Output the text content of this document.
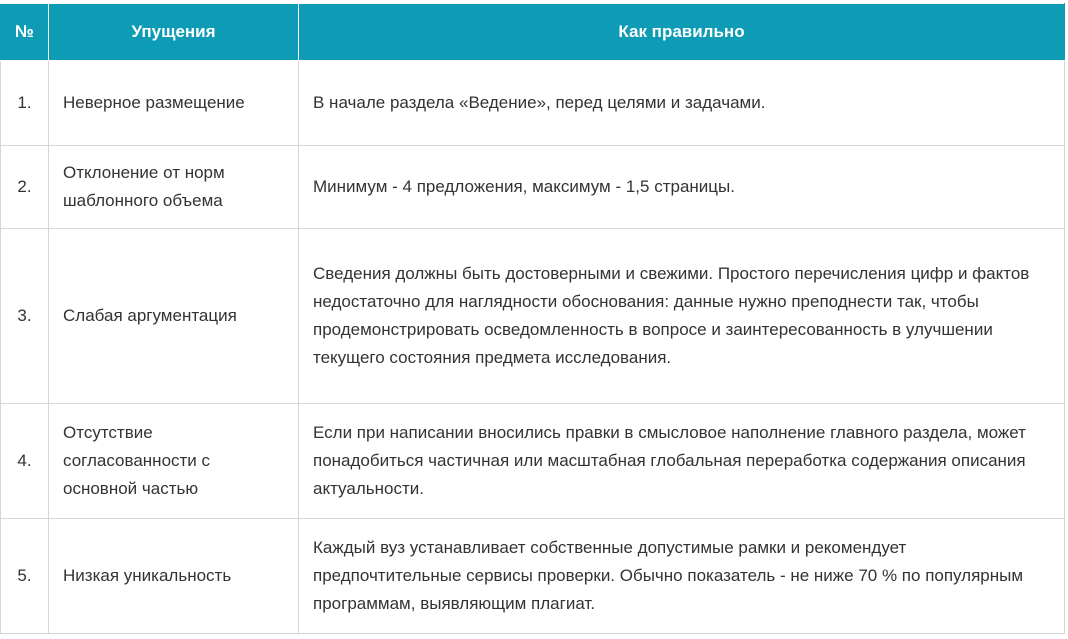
№	Упущения	Как правильно
1.	Неверное размещение	В начале раздела «Ведение», перед целями и задачами.
2.	Отклонение от норм шаблонного объема	Минимум - 4 предложения, максимум - 1,5 страницы.
3.	Слабая аргументация	Сведения должны быть достоверными и свежими. Простого перечисления цифр и фактов недостаточно для наглядности обоснования: данные нужно преподнести так, чтобы продемонстрировать осведомленность в вопросе и заинтересованность в улучшении текущего состояния предмета исследования.
4.	Отсутствие согласованности с основной частью	Если при написании вносились правки в смысловое наполнение главного раздела, может понадобиться частичная или масштабная глобальная переработка содержания описания актуальности.
5.	Низкая уникальность	Каждый вуз устанавливает собственные допустимые рамки и рекомендует предпочтительные сервисы проверки. Обычно показатель - не ниже 70 % по популярным программам, выявляющим плагиат.
